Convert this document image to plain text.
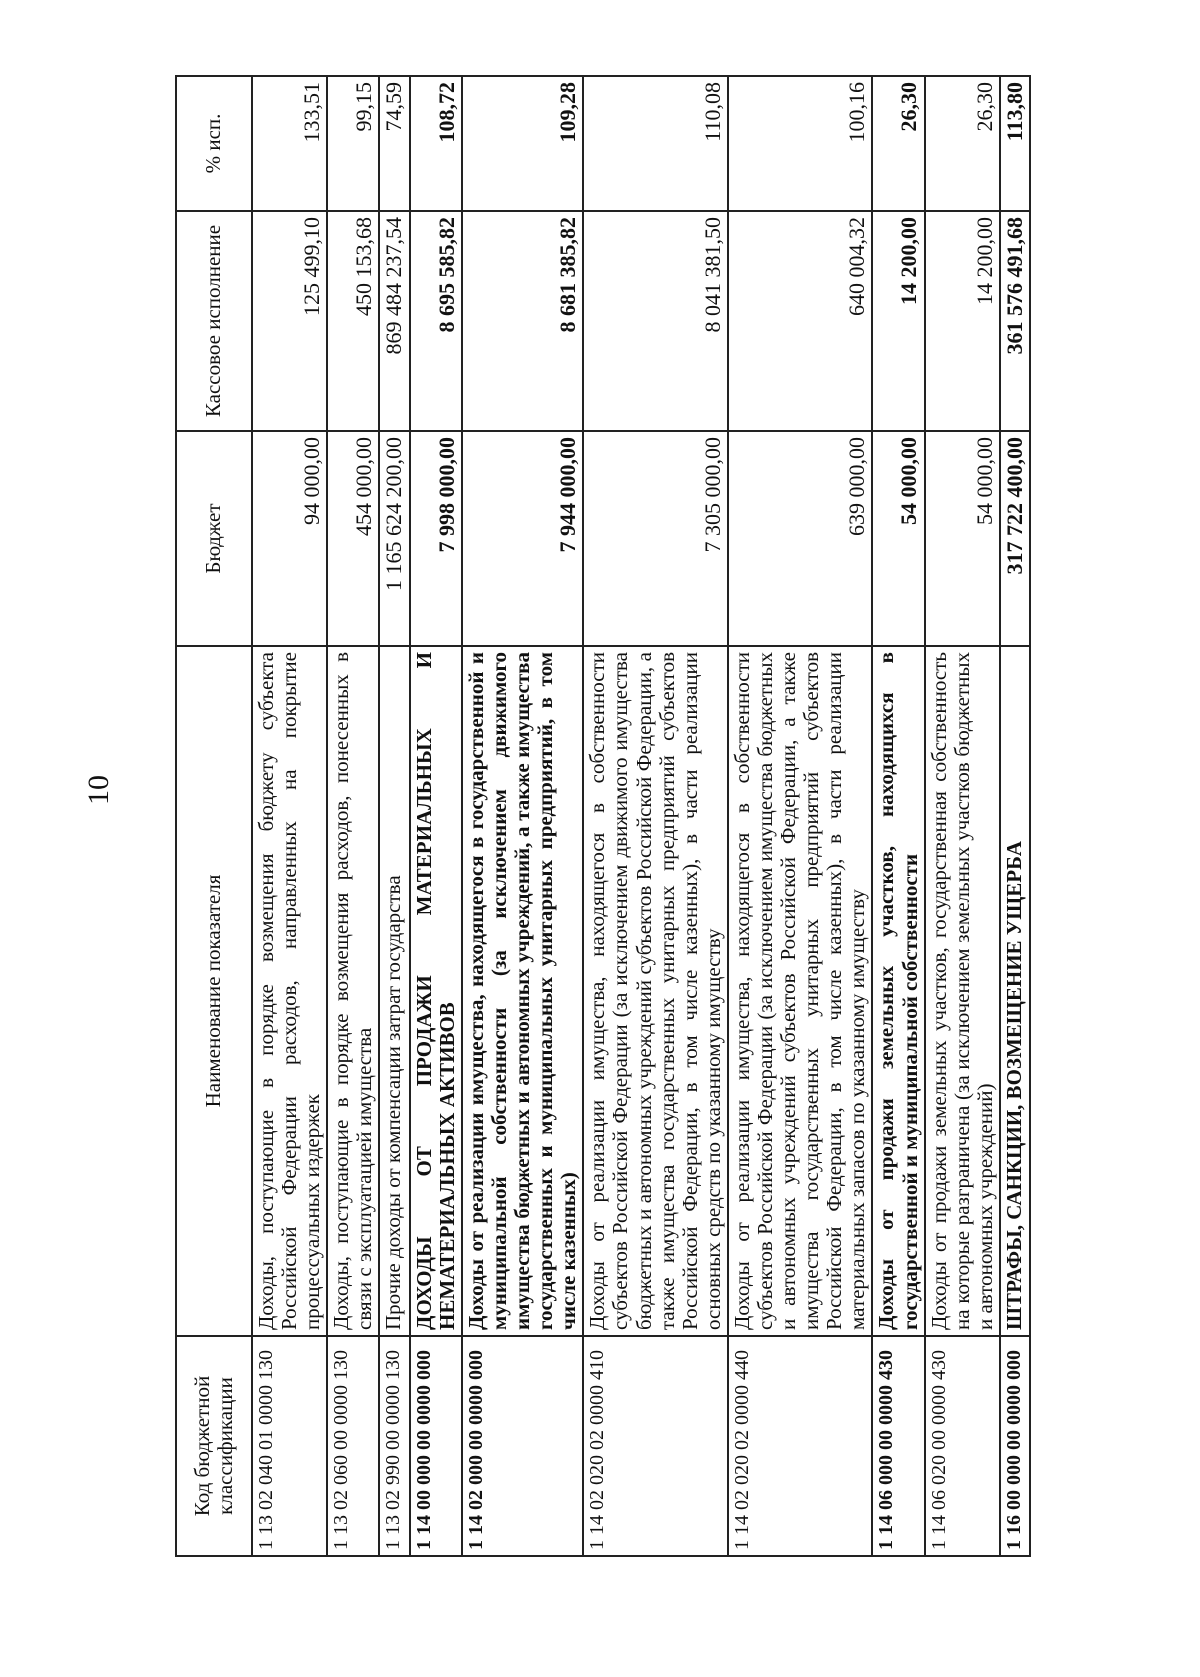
10
Код бюджетной классификации	Наименование показателя	Бюджет	Кассовое исполнение	% исп.
1 13 02 040 01 0000 130	Доходы, поступающие в порядке возмещения бюджету субъекта Российской Федерации расходов, направленных на покрытие процессуальных издержек	94 000,00	125 499,10	133,51
1 13 02 060 00 0000 130	Доходы, поступающие в порядке возмещения расходов, понесенных в связи с эксплуатацией имущества	454 000,00	450 153,68	99,15
1 13 02 990 00 0000 130	Прочие доходы от компенсации затрат государства	1 165 624 200,00	869 484 237,54	74,59
1 14 00 000 00 0000 000	ДОХОДЫ ОТ ПРОДАЖИ МАТЕРИАЛЬНЫХ И НЕМАТЕРИАЛЬНЫХ АКТИВОВ	7 998 000,00	8 695 585,82	108,72
1 14 02 000 00 0000 000	Доходы от реализации имущества, находящегося в государственной и муниципальной собственности (за исключением движимого имущества бюджетных и автономных учреждений, а также имущества государственных и муниципальных унитарных предприятий, в том числе казенных)	7 944 000,00	8 681 385,82	109,28
1 14 02 020 02 0000 410	Доходы от реализации имущества, находящегося в собственности субъектов Российской Федерации (за исключением движимого имущества бюджетных и автономных учреждений субъектов Российской Федерации, а также имущества государственных унитарных предприятий субъектов Российской Федерации, в том числе казенных), в части реализации основных средств по указанному имуществу	7 305 000,00	8 041 381,50	110,08
1 14 02 020 02 0000 440	Доходы от реализации имущества, находящегося в собственности субъектов Российской Федерации (за исключением имущества бюджетных и автономных учреждений субъектов Российской Федерации, а также имущества государственных унитарных предприятий субъектов Российской Федерации, в том числе казенных), в части реализации материальных запасов по указанному имуществу	639 000,00	640 004,32	100,16
1 14 06 000 00 0000 430	Доходы от продажи земельных участков, находящихся в государственной и муниципальной собственности	54 000,00	14 200,00	26,30
1 14 06 020 00 0000 430	Доходы от продажи земельных участков, государственная собственность на которые разграничена (за исключением земельных участков бюджетных и автономных учреждений)	54 000,00	14 200,00	26,30
1 16 00 000 00 0000 000	ШТРАФЫ, САНКЦИИ, ВОЗМЕЩЕНИЕ УЩЕРБА	317 722 400,00	361 576 491,68	113,80
